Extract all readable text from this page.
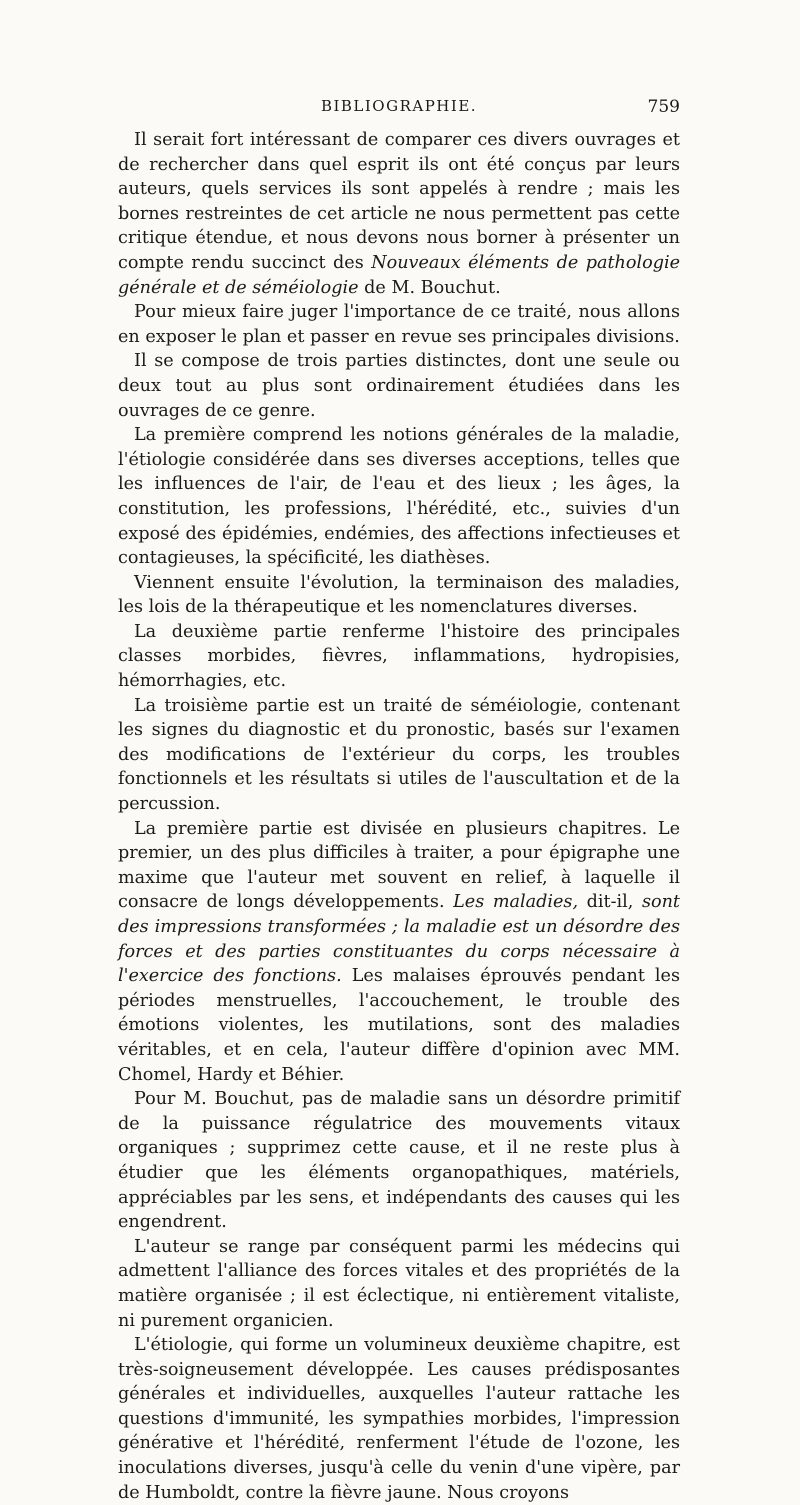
BIBLIOGRAPHIE.	759

Il serait fort intéressant de comparer ces divers ouvrages et de rechercher dans quel esprit ils ont été conçus par leurs auteurs, quels services ils sont appelés à rendre ; mais les bornes restreintes de cet article ne nous permettent pas cette critique étendue, et nous devons nous borner à présenter un compte rendu succinct des Nouveaux éléments de pathologie générale et de séméiologie de M. Bouchut.

Pour mieux faire juger l'importance de ce traité, nous allons en exposer le plan et passer en revue ses principales divisions.

Il se compose de trois parties distinctes, dont une seule ou deux tout au plus sont ordinairement étudiées dans les ouvrages de ce genre.

La première comprend les notions générales de la maladie, l'étiologie considérée dans ses diverses acceptions, telles que les influences de l'air, de l'eau et des lieux ; les âges, la constitution, les professions, l'hérédité, etc., suivies d'un exposé des épidémies, endémies, des affections infectieuses et contagieuses, la spécificité, les diathèses.

Viennent ensuite l'évolution, la terminaison des maladies, les lois de la thérapeutique et les nomenclatures diverses.

La deuxième partie renferme l'histoire des principales classes morbides, fièvres, inflammations, hydropisies, hémorrhagies, etc.

La troisième partie est un traité de séméiologie, contenant les signes du diagnostic et du pronostic, basés sur l'examen des modifications de l'extérieur du corps, les troubles fonctionnels et les résultats si utiles de l'auscultation et de la percussion.

La première partie est divisée en plusieurs chapitres. Le premier, un des plus difficiles à traiter, a pour épigraphe une maxime que l'auteur met souvent en relief, à laquelle il consacre de longs développements. Les maladies, dit-il, sont des impressions transformées ; la maladie est un désordre des forces et des parties constituantes du corps nécessaire à l'exercice des fonctions. Les malaises éprouvés pendant les périodes menstruelles, l'accouchement, le trouble des émotions violentes, les mutilations, sont des maladies véritables, et en cela, l'auteur diffère d'opinion avec MM. Chomel, Hardy et Béhier.

Pour M. Bouchut, pas de maladie sans un désordre primitif de la puissance régulatrice des mouvements vitaux organiques ; supprimez cette cause, et il ne reste plus à étudier que les éléments organopathiques, matériels, appréciables par les sens, et indépendants des causes qui les engendrent.

L'auteur se range par conséquent parmi les médecins qui admettent l'alliance des forces vitales et des propriétés de la matière organisée ; il est éclectique, ni entièrement vitaliste, ni purement organicien.

L'étiologie, qui forme un volumineux deuxième chapitre, est très-soigneusement développée. Les causes prédisposantes générales et individuelles, auxquelles l'auteur rattache les questions d'immunité, les sympathies morbides, l'impression générative et l'hérédité, renferment l'étude de l'ozone, les inoculations diverses, jusqu'à celle du venin d'une vipère, par de Humboldt, contre la fièvre jaune. Nous croyons
